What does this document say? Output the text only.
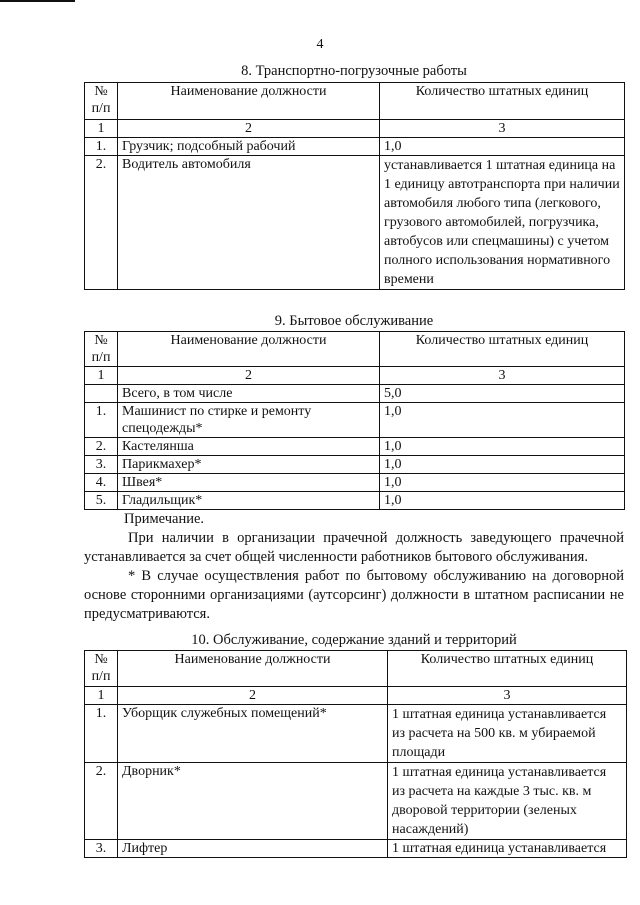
4
8. Транспортно-погрузочные работы
№ п/п	Наименование должности	Количество штатных единиц
1	2	3
1.	Грузчик; подсобный рабочий	1,0
2.	Водитель автомобиля	устанавливается 1 штатная единица на 1 единицу автотранспорта при наличии автомобиля любого типа (легкового, грузового автомобилей, погрузчика, автобусов или спецмашины) с учетом полного использования нормативного времени
9. Бытовое обслуживание
№ п/п	Наименование должности	Количество штатных единиц
1	2	3
	Всего, в том числе	5,0
1.	Машинист по стирке и ремонту спецодежды*	1,0
2.	Кастелянша	1,0
3.	Парикмахер*	1,0
4.	Швея*	1,0
5.	Гладильщик*	1,0

Примечание.

При наличии в организации прачечной должность заведующего прачечной устанавливается за счет общей численности работников бытового обслуживания.

* В случае осуществления работ по бытовому обслуживанию на договорной основе сторонними организациями (аутсорсинг) должности в штатном расписании не предусматриваются.

10. Обслуживание, содержание зданий и территорий
№ п/п	Наименование должности	Количество штатных единиц
1	2	3
1.	Уборщик служебных помещений*	1 штатная единица устанавливается из расчета на 500 кв. м убираемой площади
2.	Дворник*	1 штатная единица устанавливается из расчета на каждые 3 тыс. кв. м дворовой территории (зеленых насаждений)
3.	Лифтер	1 штатная единица устанавливается
